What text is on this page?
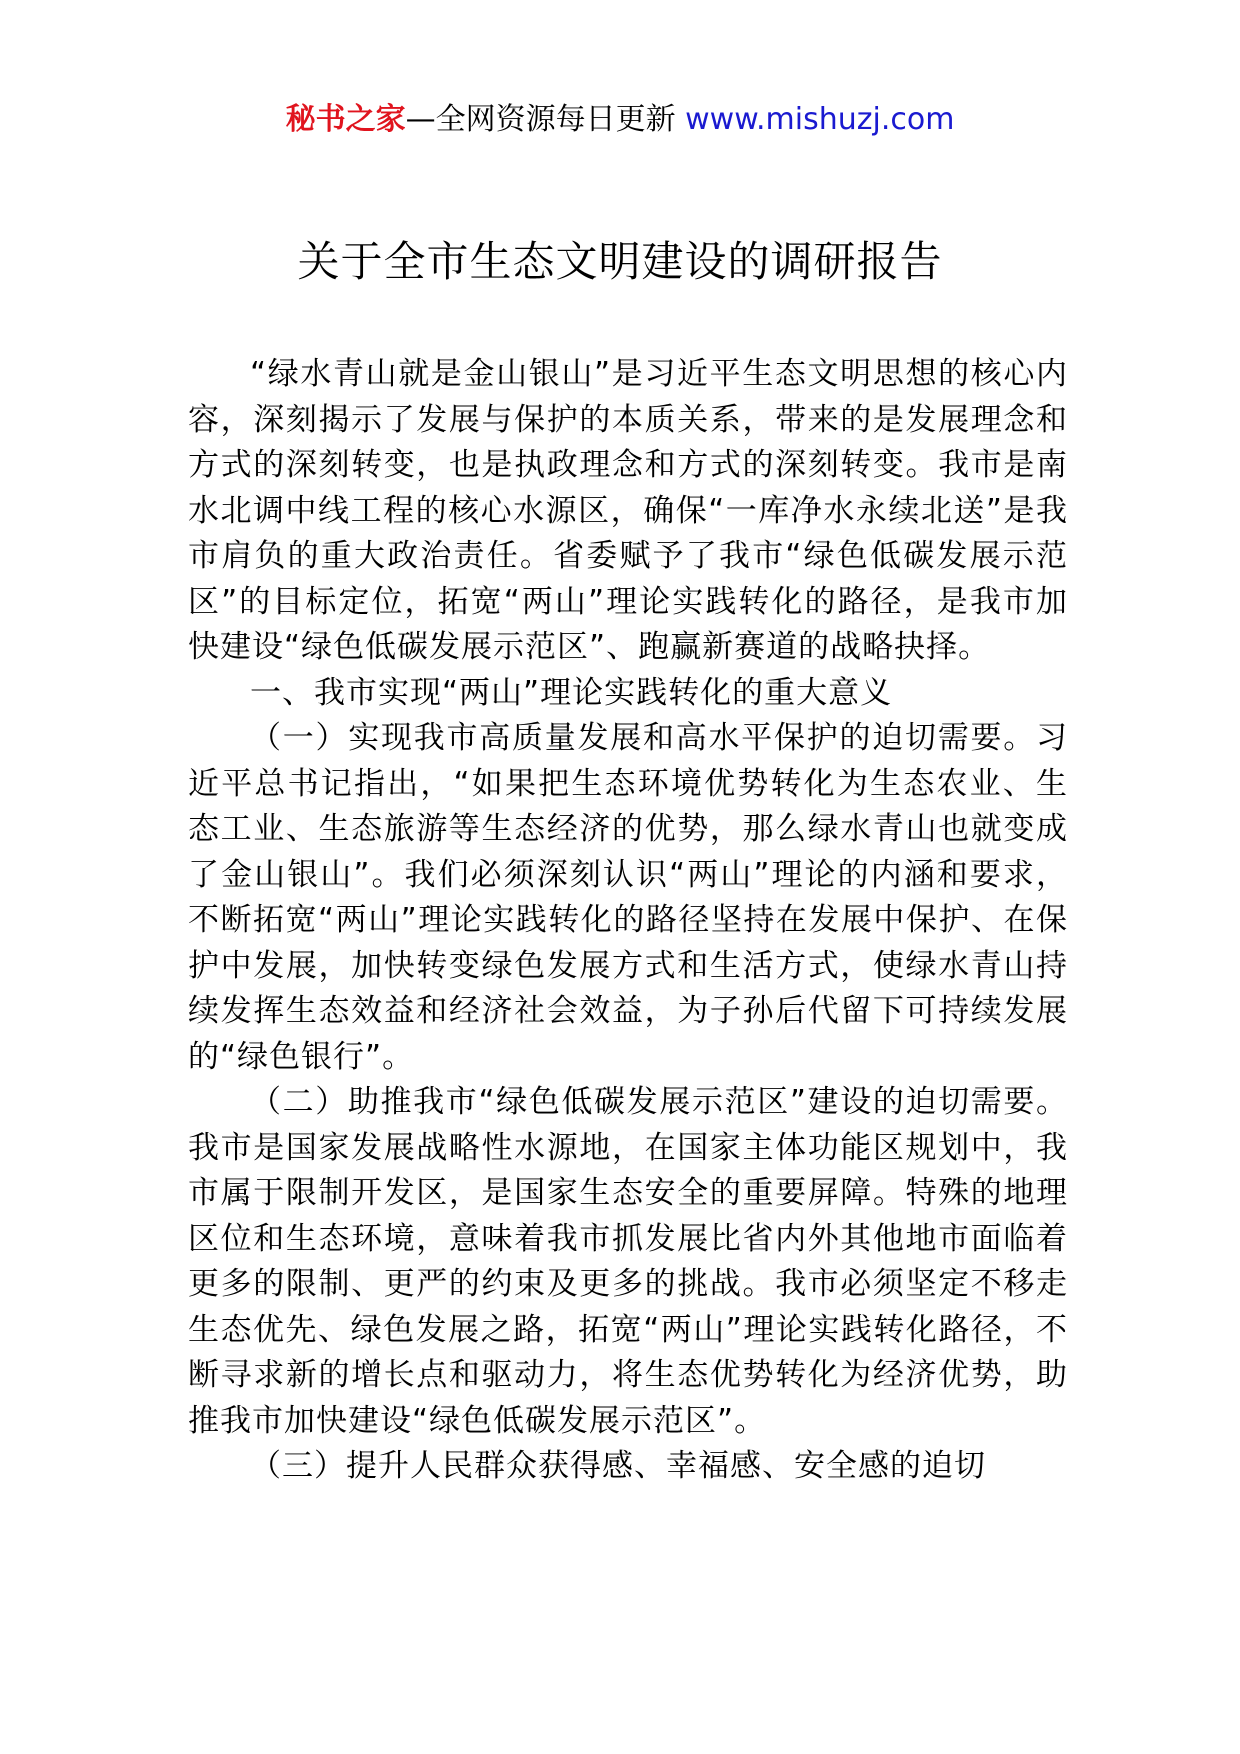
秘书之家—全网资源每日更新 www.mishuzj.com
关于全市生态文明建设的调研报告

“绿水青山就是金山银山”是习近平生态文明思想的核心内容，深刻揭示了发展与保护的本质关系，带来的是发展理念和方式的深刻转变，也是执政理念和方式的深刻转变。我市是南水北调中线工程的核心水源区，确保“一库净水永续北送”是我市肩负的重大政治责任。省委赋予了我市“绿色低碳发展示范区”的目标定位，拓宽“两山”理论实践转化的路径，是我市加快建设“绿色低碳发展示范区”、跑赢新赛道的战略抉择。

一、我市实现“两山”理论实践转化的重大意义

（一）实现我市高质量发展和高水平保护的迫切需要。习近平总书记指出，“如果把生态环境优势转化为生态农业、生态工业、生态旅游等生态经济的优势，那么绿水青山也就变成了金山银山”。我们必须深刻认识“两山”理论的内涵和要求，不断拓宽“两山”理论实践转化的路径坚持在发展中保护、在保护中发展，加快转变绿色发展方式和生活方式，使绿水青山持续发挥生态效益和经济社会效益，为子孙后代留下可持续发展的“绿色银行”。

（二）助推我市“绿色低碳发展示范区”建设的迫切需要。我市是国家发展战略性水源地，在国家主体功能区规划中，我市属于限制开发区，是国家生态安全的重要屏障。特殊的地理区位和生态环境，意味着我市抓发展比省内外其他地市面临着更多的限制、更严的约束及更多的挑战。我市必须坚定不移走生态优先、绿色发展之路，拓宽“两山”理论实践转化路径，不断寻求新的增长点和驱动力，将生态优势转化为经济优势，助推我市加快建设“绿色低碳发展示范区”。

（三）提升人民群众获得感、幸福感、安全感的迫切
